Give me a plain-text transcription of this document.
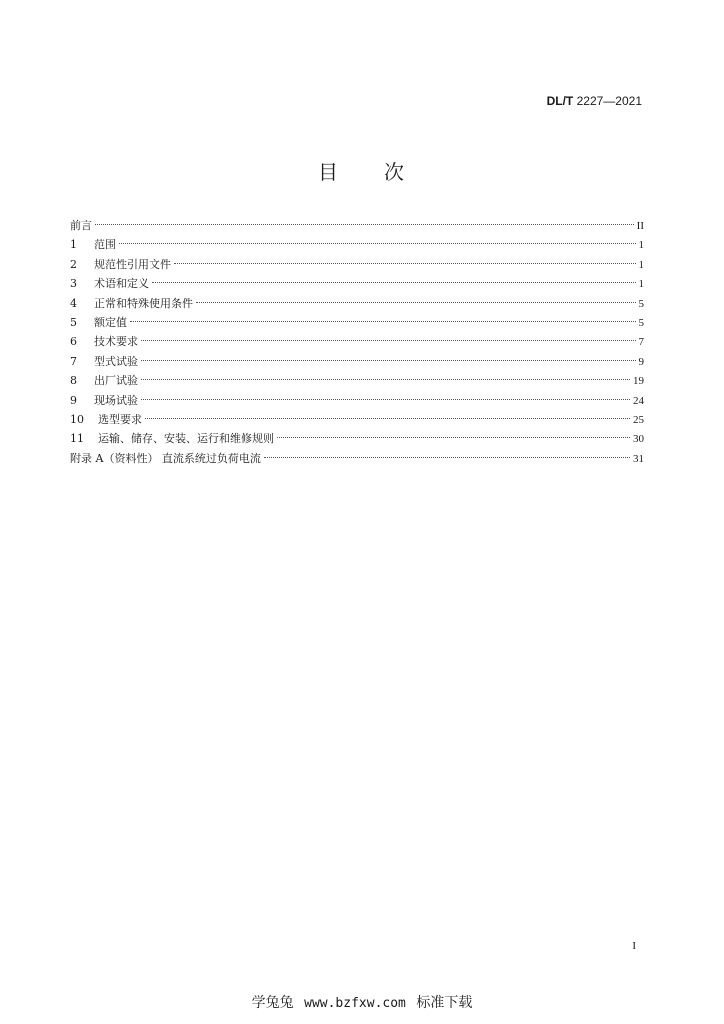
DL/T 2227—2021
目 次
前言	II
1	范围	1
2	规范性引用文件	1
3	术语和定义	1
4	正常和特殊使用条件	5
5	额定值	5
6	技术要求	7
7	型式试验	9
8	出厂试验	19
9	现场试验	24
10	选型要求	25
11	运输、储存、安装、运行和维修规则	30
附录 A（资料性） 直流系统过负荷电流	31
I
学兔兔 www.bzfxw.com 标准下载
